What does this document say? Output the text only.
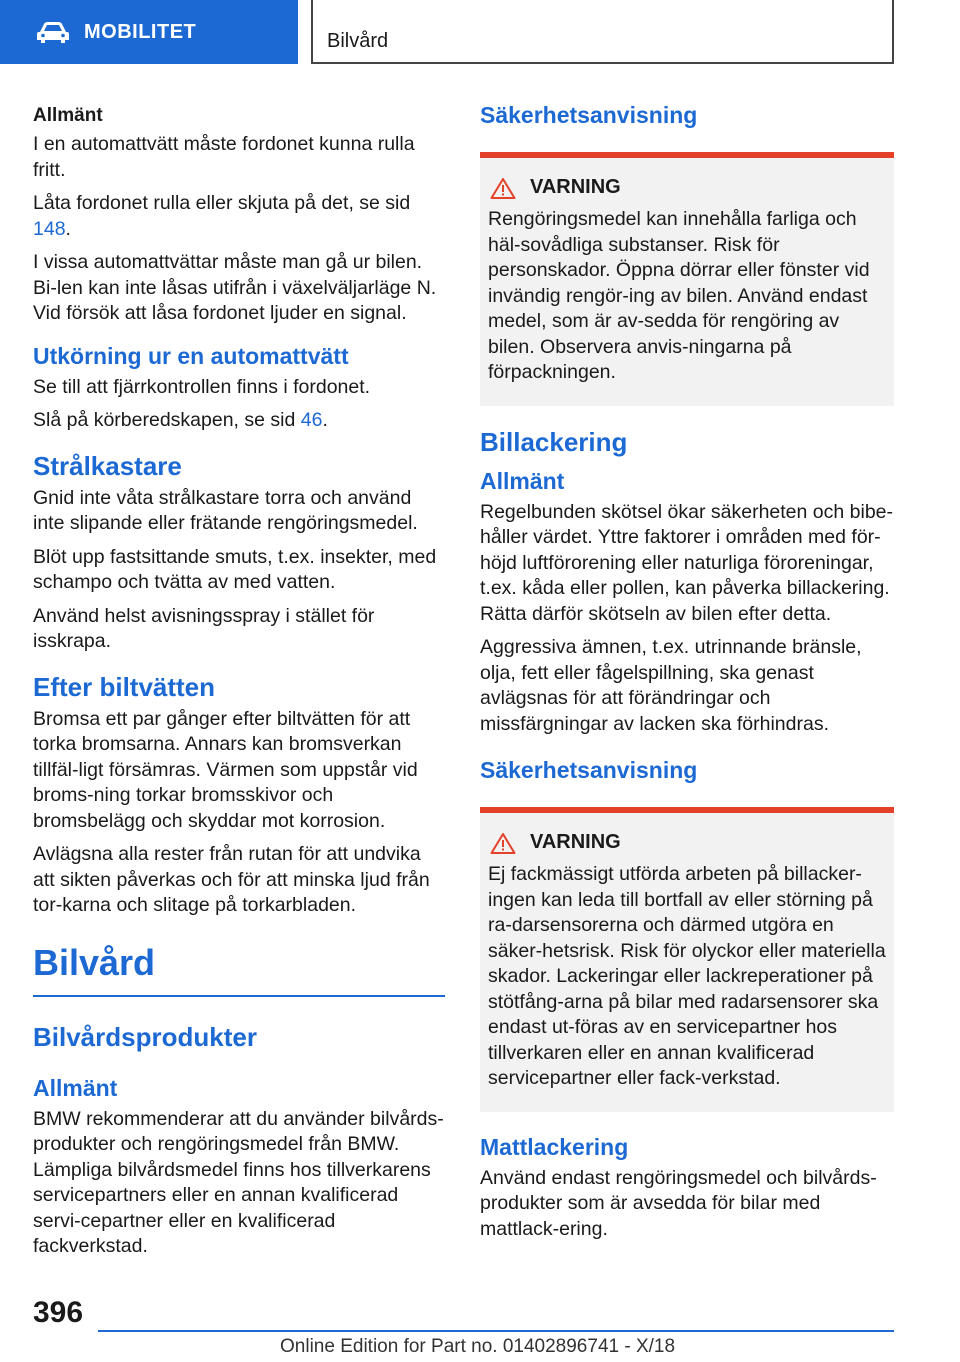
MOBILITET	Bilvård
Allmänt

I en automattvätt måste fordonet kunna rulla fritt.

Låta fordonet rulla eller skjuta på det, se sid 148.

I vissa automattvättar måste man gå ur bilen. Bi-len kan inte låsas utifrån i växelväljarläge N. Vid försök att låsa fordonet ljuder en signal.

Utkörning ur en automattvätt

Se till att fjärrkontrollen finns i fordonet.

Slå på körberedskapen, se sid 46.

Strålkastare

Gnid inte våta strålkastare torra och använd inte slipande eller frätande rengöringsmedel.

Blöt upp fastsittande smuts, t.ex. insekter, med schampo och tvätta av med vatten.

Använd helst avisningsspray i stället för isskrapa.

Efter biltvätten

Bromsa ett par gånger efter biltvätten för att torka bromsarna. Annars kan bromsverkan tillfäl-ligt försämras. Värmen som uppstår vid broms-ning torkar bromsskivor och bromsbelägg och skyddar mot korrosion.

Avlägsna alla rester från rutan för att undvika att sikten påverkas och för att minska ljud från tor-karna och slitage på torkarbladen.

Bilvård
Bilvårdsprodukter
Allmänt

BMW rekommenderar att du använder bilvårds-produkter och rengöringsmedel från BMW. Lämpliga bilvårdsmedel finns hos tillverkarens servicepartners eller en annan kvalificerad servi-cepartner eller en kvalificerad fackverkstad.

Säkerhetsanvisning
VARNING

Rengöringsmedel kan innehålla farliga och häl-sovådliga substanser. Risk för personskador. Öppna dörrar eller fönster vid invändig rengör-ing av bilen. Använd endast medel, som är av-sedda för rengöring av bilen. Observera anvis-ningarna på förpackningen.

Billackering
Allmänt

Regelbunden skötsel ökar säkerheten och bibe-håller värdet. Yttre faktorer i områden med för-höjd luftförorening eller naturliga föroreningar, t.ex. kåda eller pollen, kan påverka billackering. Rätta därför skötseln av bilen efter detta.

Aggressiva ämnen, t.ex. utrinnande bränsle, olja, fett eller fågelspillning, ska genast avlägsnas för att förändringar och missfärgningar av lacken ska förhindras.

Säkerhetsanvisning
VARNING

Ej fackmässigt utförda arbeten på billacker-ingen kan leda till bortfall av eller störning på ra-darsensorerna och därmed utgöra en säker-hetsrisk. Risk för olyckor eller materiella skador. Lackeringar eller lackreperationer på stötfång-arna på bilar med radarsensorer ska endast ut-föras av en servicepartner hos tillverkaren eller en annan kvalificerad servicepartner eller fack-verkstad.

Mattlackering

Använd endast rengöringsmedel och bilvårds-produkter som är avsedda för bilar med mattlack-ering.

396
Online Edition for Part no. 01402896741 - X/18
